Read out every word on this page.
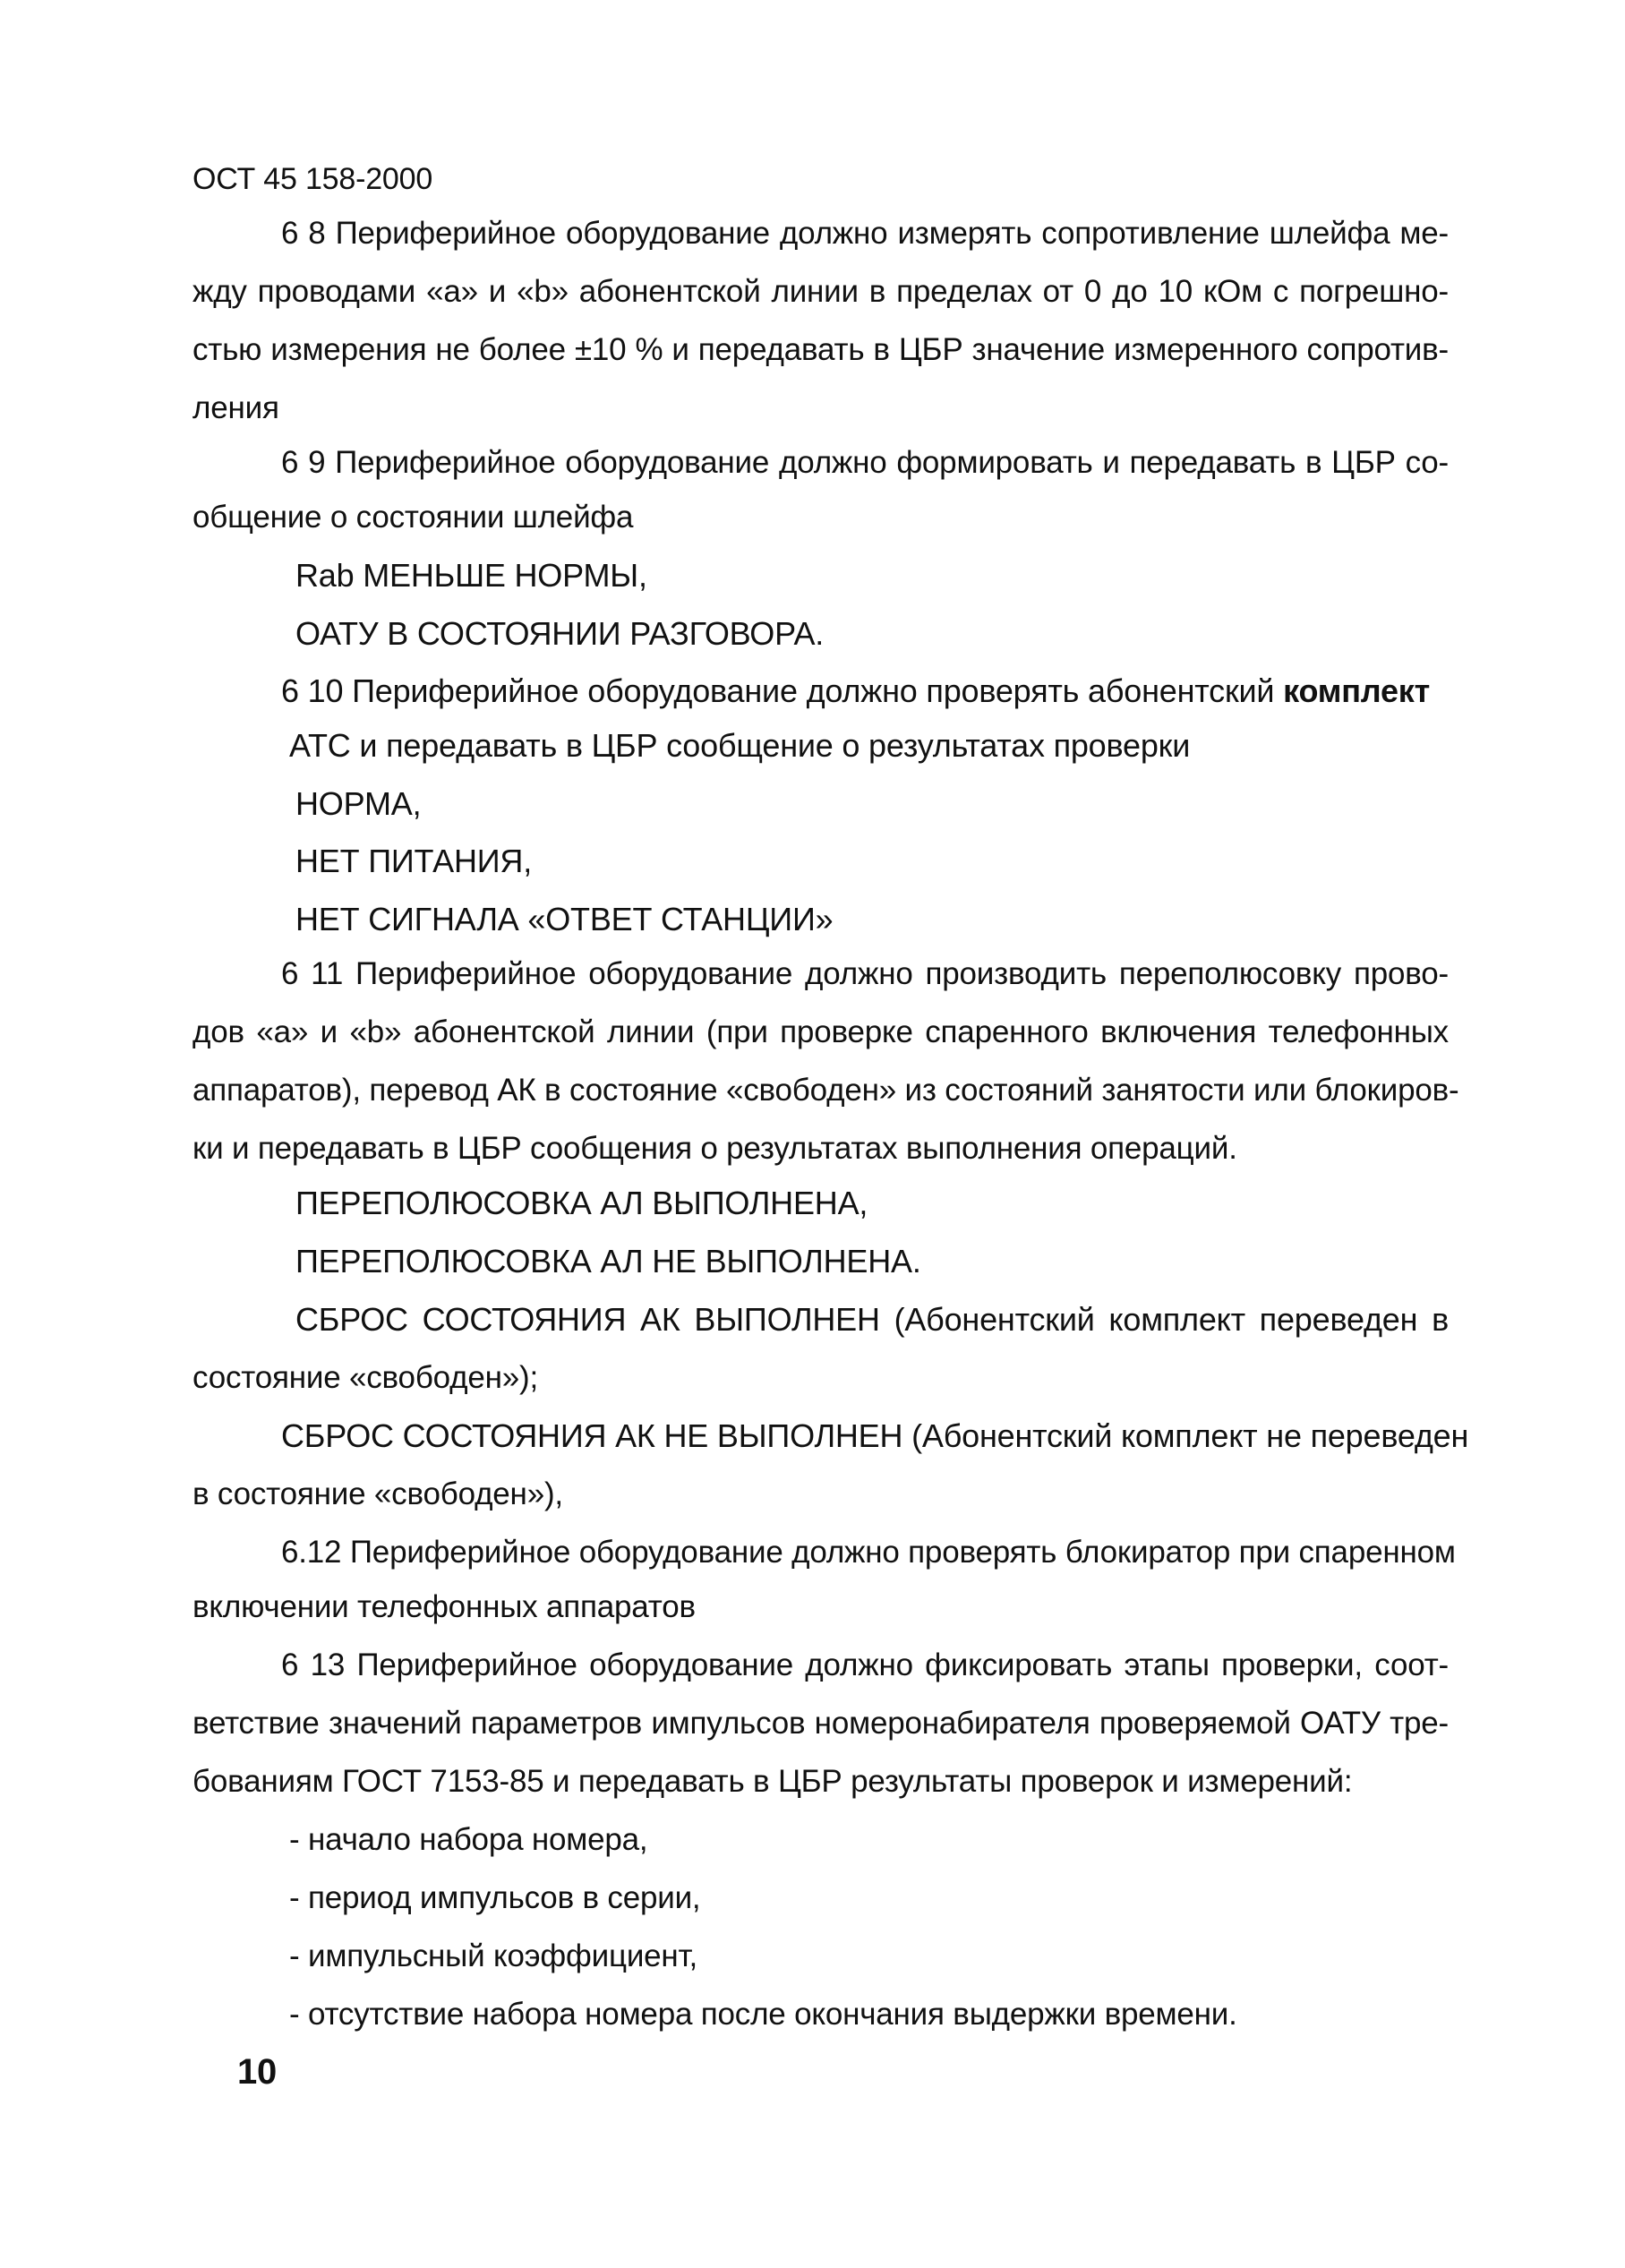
ОСТ 45 158-2000
6 8 Периферийное оборудование должно измерять сопротивление шлейфа ме-
жду проводами «а» и «b» абонентской линии в пределах от 0 до 10 кОм с погрешно-
стью измерения не более ±10 % и передавать в ЦБР значение измеренного сопротив-
ления
6 9 Периферийное оборудование должно формировать и передавать в ЦБР со-
общение о состоянии шлейфа
Rab МЕНЬШЕ НОРМЫ,
ОАТУ В СОСТОЯНИИ РАЗГОВОРА.
6 10 Периферийное оборудование должно проверять абонентский комплект
АТС и передавать в ЦБР сообщение о результатах проверки
НОРМА,
НЕТ ПИТАНИЯ,
НЕТ СИГНАЛА «ОТВЕТ СТАНЦИИ»
6 11 Периферийное оборудование должно производить переполюсовку прово-
дов «а» и «b» абонентской линии (при проверке спаренного включения телефонных
аппаратов), перевод АК в состояние «свободен» из состояний занятости или блокиров-
ки и передавать в ЦБР сообщения о результатах выполнения операций.
ПЕРЕПОЛЮСОВКА АЛ ВЫПОЛНЕНА,
ПЕРЕПОЛЮСОВКА АЛ НЕ ВЫПОЛНЕНА.
СБРОС СОСТОЯНИЯ АК ВЫПОЛНЕН (Абонентский комплект переведен в
состояние «свободен»);
СБРОС СОСТОЯНИЯ АК НЕ ВЫПОЛНЕН (Абонентский комплект не переведен
в состояние «свободен»),
6.12 Периферийное оборудование должно проверять блокиратор при спаренном
включении телефонных аппаратов
6 13 Периферийное оборудование должно фиксировать этапы проверки, соот-
ветствие значений параметров импульсов номеронабирателя проверяемой ОАТУ тре-
бованиям ГОСТ 7153-85 и передавать в ЦБР результаты проверок и измерений:
- начало набора номера,
- период импульсов в серии,
- импульсный коэффициент,
- отсутствие набора номера после окончания выдержки времени.
10
